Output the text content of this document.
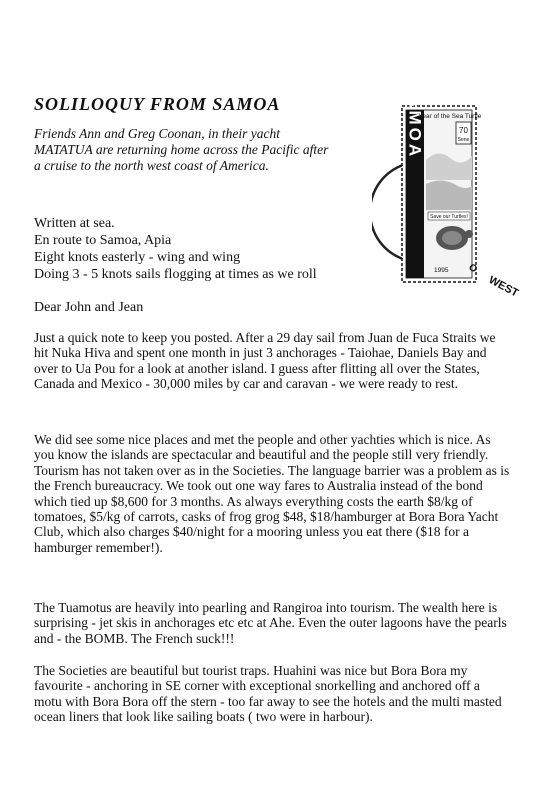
SOLILOQUY FROM SAMOA

Friends Ann and Greg Coonan, in their yacht MATATUA are returning home across the Pacific after a cruise to the north west coast of America.

Written at sea.
En route to Samoa, Apia
Eight knots easterly - wing and wing
Doing 3 - 5 knots sails flogging at times as we roll

Dear John and Jean

Just a quick note to keep you posted. After a 29 day sail from Juan de Fuca Straits we hit Nuka Hiva and spent one month in just 3 anchorages - Taiohae, Daniels Bay and over to Ua Pou for a look at another island. I guess after flitting all over the States, Canada and Mexico - 30,000 miles by car and caravan - we were ready to rest.

We did see some nice places and met the people and other yachties which is nice. As you know the islands are spectacular and beautiful and the people still very friendly. Tourism has not taken over as in the Societies. The language barrier was a problem as is the French bureaucracy. We took out one way fares to Australia instead of the bond which tied up $8,600 for 3 months. As always everything costs the earth $8/kg of tomatoes, $5/kg of carrots, casks of frog grog $48, $18/hamburger at Bora Bora Yacht Club, which also charges $40/night for a mooring unless you eat there ($18 for a hamburger remember!).

The Tuamotus are heavily into pearling and Rangiroa into tourism. The wealth here is surprising - jet skis in anchorages etc etc at Ahe. Even the outer lagoons have the pearls and - the BOMB. The French suck!!!

The Societies are beautiful but tourist traps. Huahini was nice but Bora Bora my favourite - anchoring in SE corner with exceptional snorkelling and anchored off a motu with Bora Bora off the stern - too far away to see the hotels and the multi masted ocean liners that look like sailing boats ( two were in harbour).

SAMOA
Year of the Sea Turtle
70
Sene
Save our Turtles!
1995
WEST
O
